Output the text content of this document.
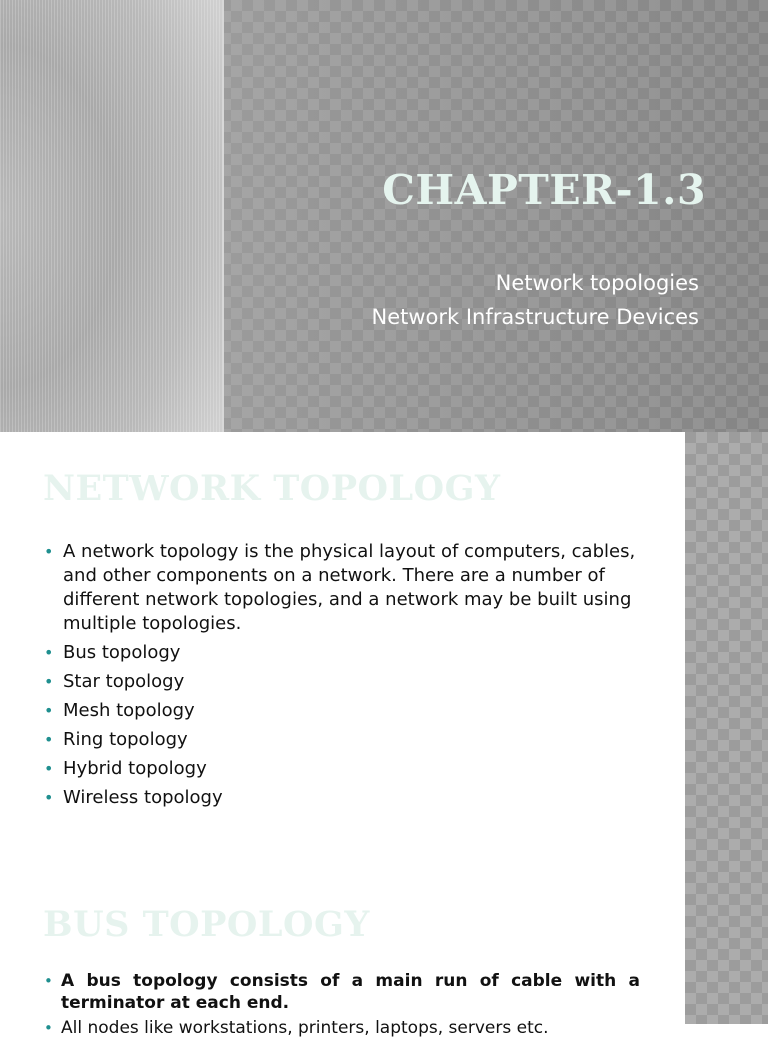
CHAPTER-1.3
Network topologies
Network Infrastructure Devices
NETWORK TOPOLOGY
• A network topology is the physical layout of computers, cables, and other components on a network. There are a number of different network topologies, and a network may be built using multiple topologies.
• Bus topology
• Star topology
• Mesh topology
• Ring topology
• Hybrid topology
• Wireless topology
BUS TOPOLOGY
• A bus topology consists of a main run of cable with a terminator at each end.
• All nodes like workstations, printers, laptops, servers etc.
